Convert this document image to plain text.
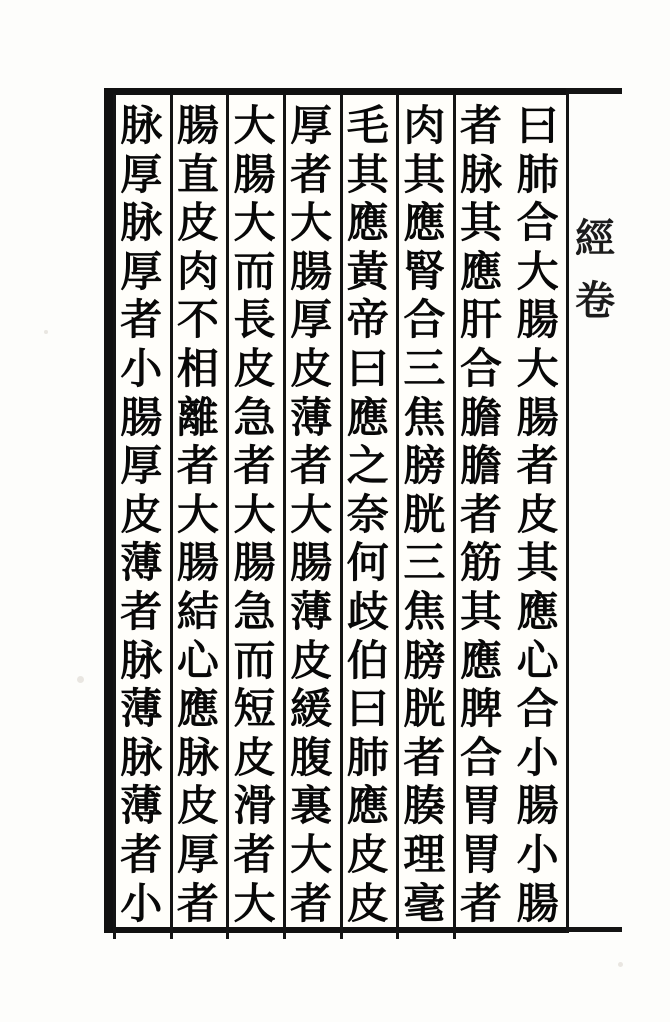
經
卷
曰
肺
合
大
腸
大
腸
者
皮
其
應
心
合
小
腸
小
腸
者
脉
其
應
肝
合
膽
膽
者
筋
其
應
脾
合
胃
胃
者
肉
其
應
腎
合
三
焦
膀
胱
三
焦
膀
胱
者
腠
理
毫
毛
其
應
黃
帝
曰
應
之
奈
何
歧
伯
曰
肺
應
皮
皮
厚
者
大
腸
厚
皮
薄
者
大
腸
薄
皮
緩
腹
裏
大
者
大
腸
大
而
長
皮
急
者
大
腸
急
而
短
皮
滑
者
大
腸
直
皮
肉
不
相
離
者
大
腸
結
心
應
脉
皮
厚
者
脉
厚
脉
厚
者
小
腸
厚
皮
薄
者
脉
薄
脉
薄
者
小
